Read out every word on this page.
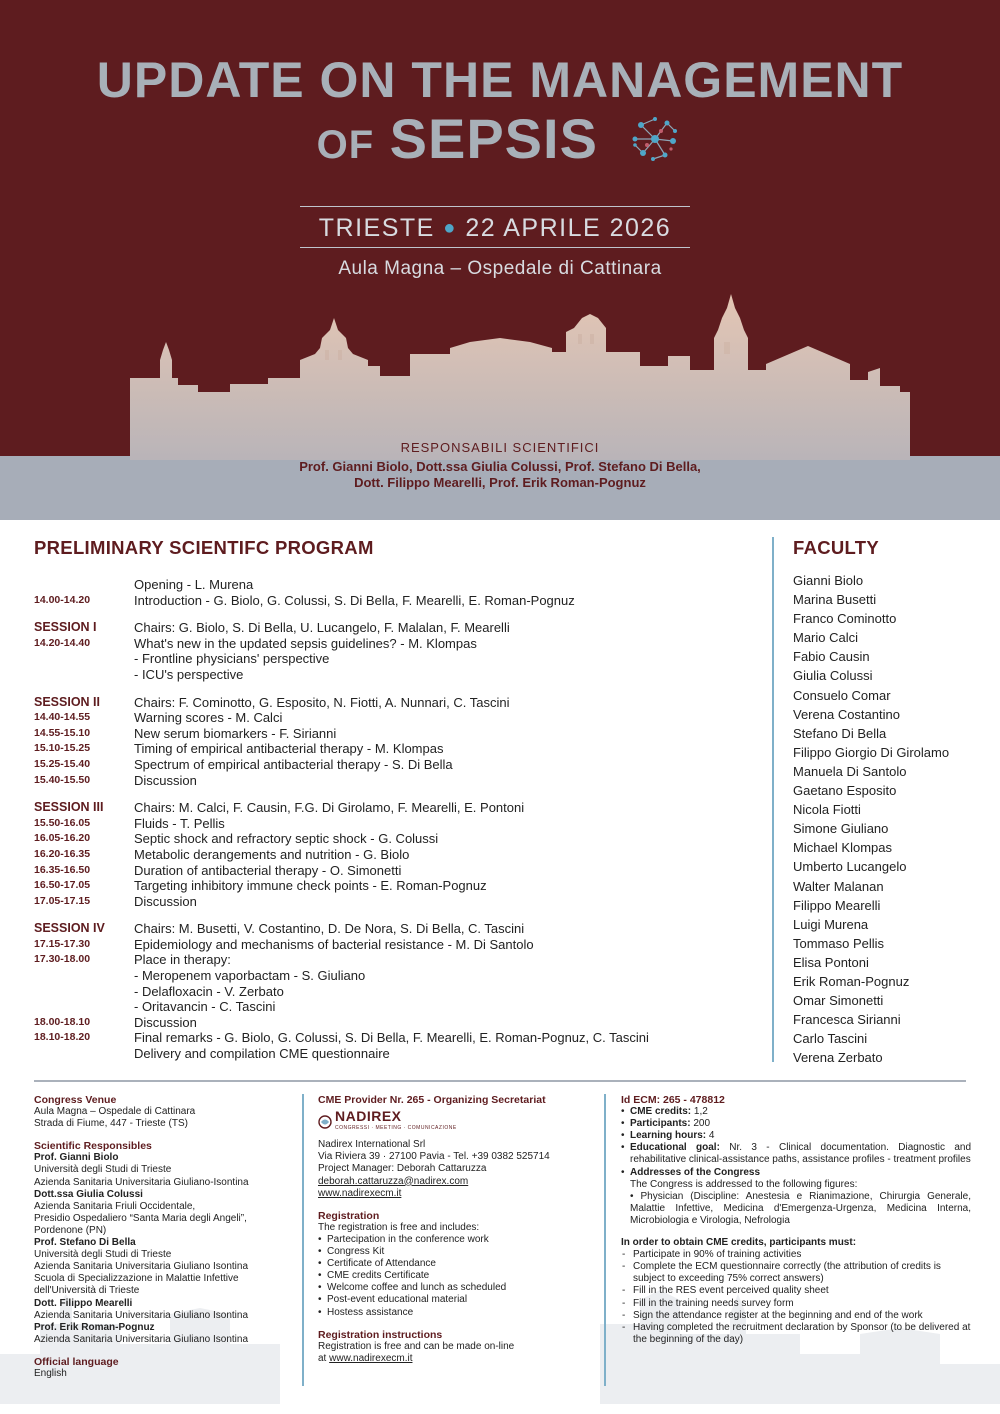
UPDATE ON THE MANAGEMENT
OF SEPSIS
TRIESTE ● 22 APRILE 2026
Aula Magna – Ospedale di Cattinara
RESPONSABILI SCIENTIFICI
Prof. Gianni Biolo, Dott.ssa Giulia Colussi, Prof. Stefano Di Bella,
Dott. Filippo Mearelli, Prof. Erik Roman-Pognuz
PRELIMINARY SCIENTIFC PROGRAM
Opening - L. Murena
14.00-14.20	Introduction - G. Biolo, G. Colussi, S. Di Bella, F. Mearelli, E. Roman-Pognuz
SESSION I	Chairs: G. Biolo, S. Di Bella, U. Lucangelo, F. Malalan, F. Mearelli
14.20-14.40	What's new in the updated sepsis guidelines? - M. Klompas
- Frontline physicians' perspective
- ICU's perspective
SESSION II	Chairs: F. Cominotto, G. Esposito, N. Fiotti, A. Nunnari, C. Tascini
14.40-14.55	Warning scores - M. Calci
14.55-15.10	New serum biomarkers - F. Sirianni
15.10-15.25	Timing of empirical antibacterial therapy - M. Klompas
15.25-15.40	Spectrum of empirical antibacterial therapy - S. Di Bella
15.40-15.50	Discussion
SESSION III	Chairs: M. Calci, F. Causin, F.G. Di Girolamo, F. Mearelli, E. Pontoni
15.50-16.05	Fluids - T. Pellis
16.05-16.20	Septic shock and refractory septic shock - G. Colussi
16.20-16.35	Metabolic derangements and nutrition - G. Biolo
16.35-16.50	Duration of antibacterial therapy - O. Simonetti
16.50-17.05	Targeting inhibitory immune check points - E. Roman-Pognuz
17.05-17.15	Discussion
SESSION IV	Chairs: M. Busetti, V. Costantino, D. De Nora, S. Di Bella, C. Tascini
17.15-17.30	Epidemiology and mechanisms of bacterial resistance - M. Di Santolo
17.30-18.00	Place in therapy:
- Meropenem vaporbactam - S. Giuliano
- Delafloxacin - V. Zerbato
- Oritavancin - C. Tascini
18.00-18.10	Discussion
18.10-18.20	Final remarks - G. Biolo, G. Colussi, S. Di Bella, F. Mearelli, E. Roman-Pognuz, C. Tascini
Delivery and compilation CME questionnaire
FACULTY
Gianni Biolo
Marina Busetti
Franco Cominotto
Mario Calci
Fabio Causin
Giulia Colussi
Consuelo Comar
Verena Costantino
Stefano Di Bella
Filippo Giorgio Di Girolamo
Manuela Di Santolo
Gaetano Esposito
Nicola Fiotti
Simone Giuliano
Michael Klompas
Umberto Lucangelo
Walter Malanan
Filippo Mearelli
Luigi Murena
Tommaso Pellis
Elisa Pontoni
Erik Roman-Pognuz
Omar Simonetti
Francesca Sirianni
Carlo Tascini
Verena Zerbato
Congress Venue
Aula Magna – Ospedale di Cattinara
Strada di Fiume, 447 - Trieste (TS)
Scientific Responsibles
Prof. Gianni Biolo
Università degli Studi di Trieste
Azienda Sanitaria Universitaria Giuliano-Isontina
Dott.ssa Giulia Colussi
Azienda Sanitaria Friuli Occidentale,
Presidio Ospedaliero “Santa Maria degli Angeli”,
Pordenone (PN)
Prof. Stefano Di Bella
Università degli Studi di Trieste
Azienda Sanitaria Universitaria Giuliano Isontina
Scuola di Specializzazione in Malattie Infettive
dell'Università di Trieste
Dott. Filippo Mearelli
Azienda Sanitaria Universitaria Giuliano Isontina
Prof. Erik Roman-Pognuz
Azienda Sanitaria Universitaria Giuliano Isontina
Official language
English
CME Provider Nr. 265 - Organizing Secretariat
NADIREX
CONGRESSI · MEETING · COMUNICAZIONE
Nadirex International Srl
Via Riviera 39 · 27100 Pavia - Tel. +39 0382 525714
Project Manager: Deborah Cattaruzza
deborah.cattaruzza@nadirex.com
www.nadirexecm.it
Registration
The registration is free and includes:
• Partecipation in the conference work
• Congress Kit
• Certificate of Attendance
• CME credits Certificate
• Welcome coffee and lunch as scheduled
• Post-event educational material
• Hostess assistance
Registration instructions
Registration is free and can be made on-line
at www.nadirexecm.it
Id ECM: 265 - 478812
• CME credits: 1,2
• Participants: 200
• Learning hours: 4
• Educational goal: Nr. 3 - Clinical documentation. Diagnostic and rehabilitative clinical-assistance paths, assistance profiles - treatment profiles
• Addresses of the Congress
The Congress is addressed to the following figures:
• Physician (Discipline: Anestesia e Rianimazione, Chirurgia Generale, Malattie Infettive, Medicina d'Emergenza-Urgenza, Medicina Interna, Microbiologia e Virologia, Nefrologia
In order to obtain CME credits, participants must:
- Participate in 90% of training activities
- Complete the ECM questionnaire correctly (the attribution of credits is subject to exceeding 75% correct answers)
- Fill in the RES event perceived quality sheet
- Fill in the training needs survey form
- Sign the attendance register at the beginning and end of the work
- Having completed the recruitment declaration by Sponsor (to be delivered at the beginning of the day)
